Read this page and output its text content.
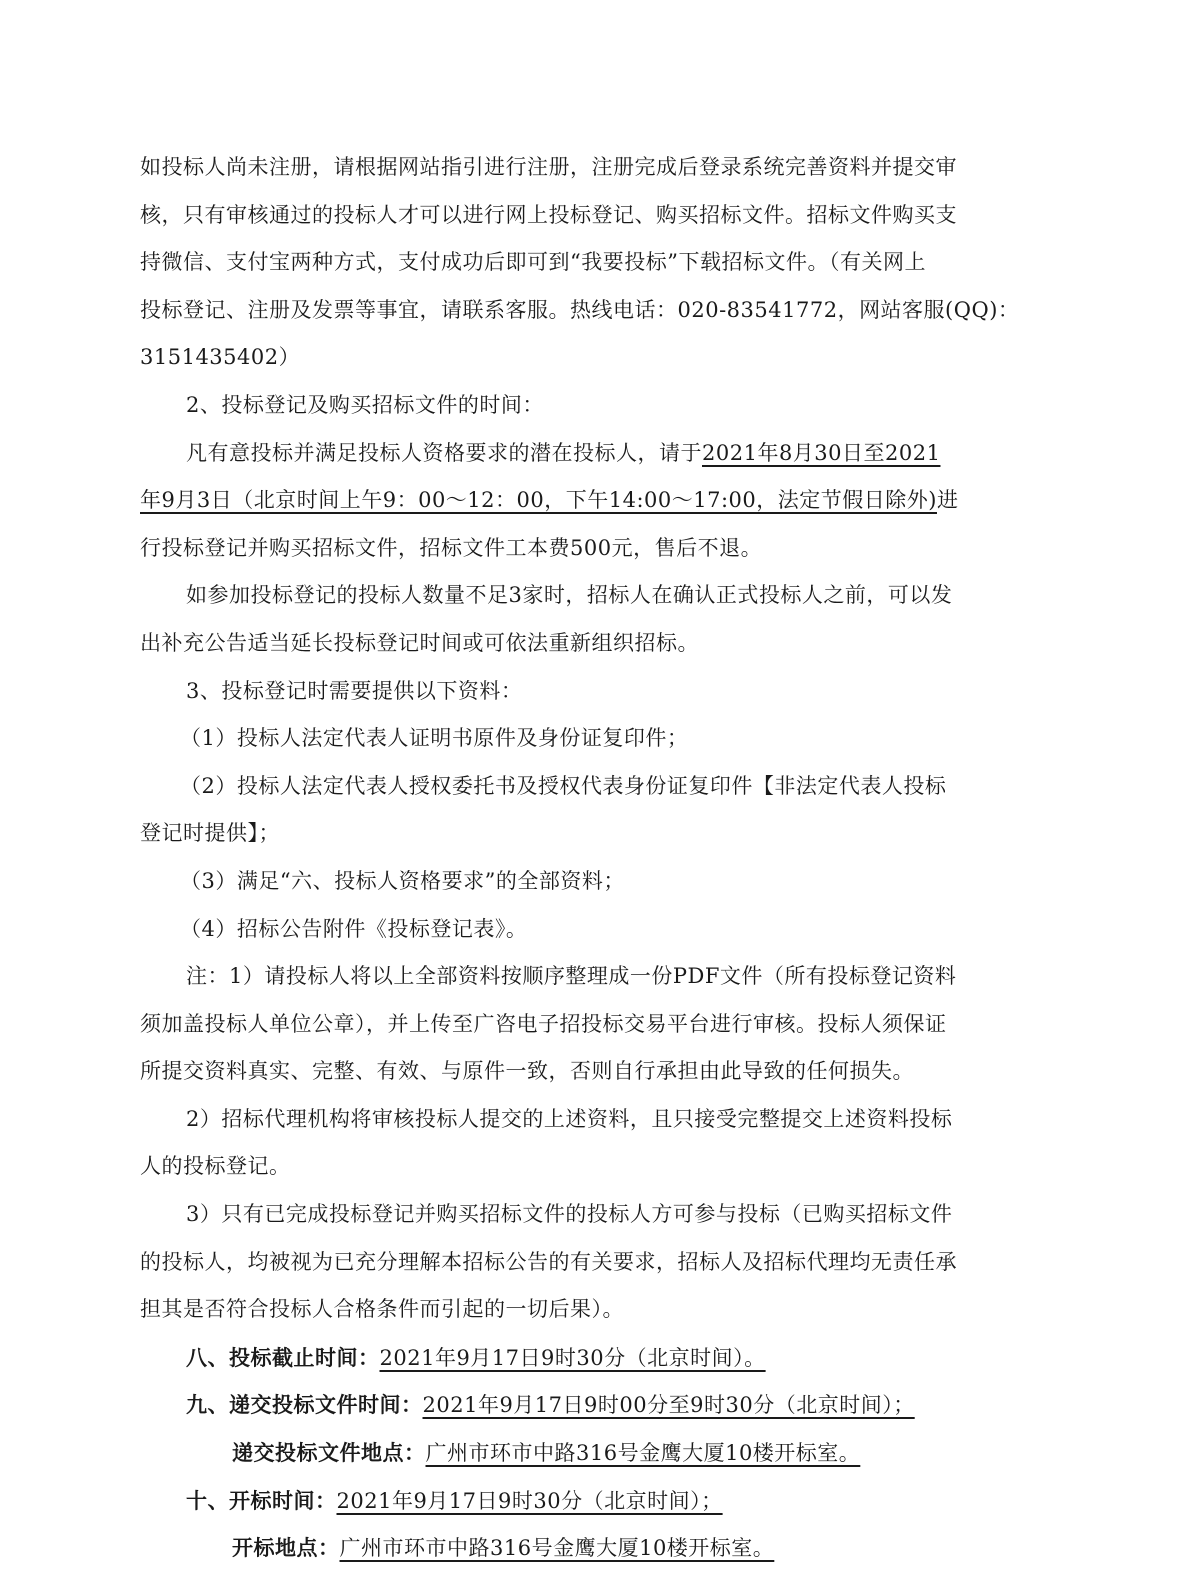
如投标人尚未注册，请根据网站指引进行注册，注册完成后登录系统完善资料并提交审
核，只有审核通过的投标人才可以进行网上投标登记、购买招标文件。招标文件购买支
持微信、支付宝两种方式，支付成功后即可到“我要投标”下载招标文件。（有关网上
投标登记、注册及发票等事宜，请联系客服。热线电话：020-83541772，网站客服(QQ)：
3151435402）
2、投标登记及购买招标文件的时间：
凡有意投标并满足投标人资格要求的潜在投标人，请于2021年8月30日至2021
年9月3日（北京时间上午9：00～12：00，下午14:00～17:00，法定节假日除外)进
行投标登记并购买招标文件，招标文件工本费500元，售后不退。
如参加投标登记的投标人数量不足3家时，招标人在确认正式投标人之前，可以发
出补充公告适当延长投标登记时间或可依法重新组织招标。
3、投标登记时需要提供以下资料：
（1）投标人法定代表人证明书原件及身份证复印件；
（2）投标人法定代表人授权委托书及授权代表身份证复印件【非法定代表人投标
登记时提供】；
（3）满足“六、投标人资格要求”的全部资料；
（4）招标公告附件《投标登记表》。
注：1）请投标人将以上全部资料按顺序整理成一份PDF文件（所有投标登记资料
须加盖投标人单位公章），并上传至广咨电子招投标交易平台进行审核。投标人须保证
所提交资料真实、完整、有效、与原件一致，否则自行承担由此导致的任何损失。
2）招标代理机构将审核投标人提交的上述资料，且只接受完整提交上述资料投标
人的投标登记。
3）只有已完成投标登记并购买招标文件的投标人方可参与投标（已购买招标文件
的投标人，均被视为已充分理解本招标公告的有关要求，招标人及招标代理均无责任承
担其是否符合投标人合格条件而引起的一切后果）。
八、投标截止时间：2021年9月17日9时30分（北京时间）。
九、递交投标文件时间：2021年9月17日9时00分至9时30分（北京时间）；
递交投标文件地点：广州市环市中路316号金鹰大厦10楼开标室。
十、开标时间：2021年9月17日9时30分（北京时间）；
开标地点：广州市环市中路316号金鹰大厦10楼开标室。
